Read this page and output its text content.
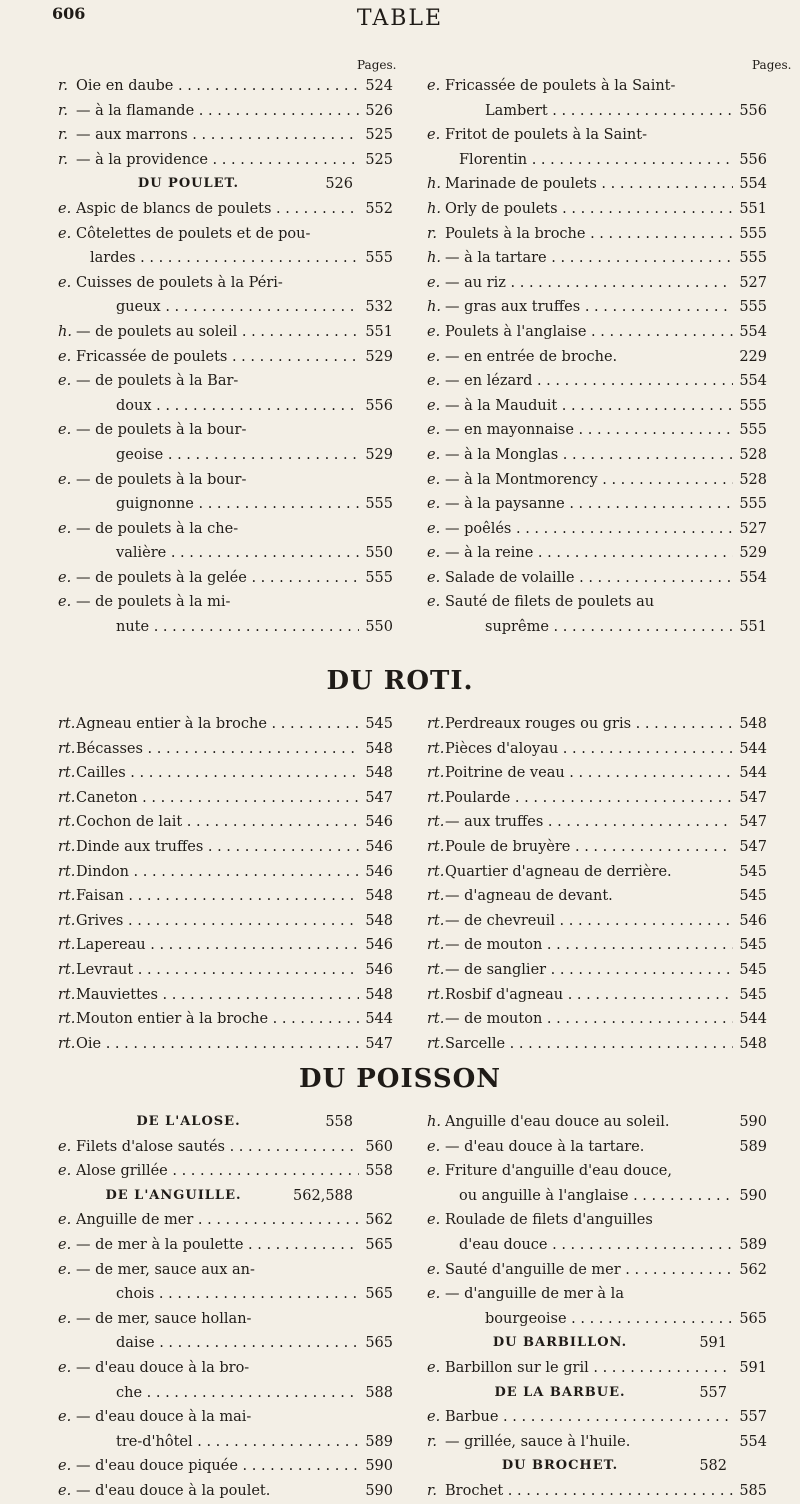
606	TABLE
Pages.	Pages.
r. Oie en daube . . .	524
r. — à la flamande . . .	526
r. — aux marrons . . .	525
r. — à la providence . . .	525
DU POULET.	526
e. Aspic de blancs de poulets . . .	552
e. Côtelettes de poulets et de pou-
lardes . . .	555
e. Cuisses de poulets à la Péri-
gueux . . .	532
h. — de poulets au soleil . . .	551
e. Fricassée de poulets . . .	529
e. — de poulets à la Bar-
doux . . .	556
e. — de poulets à la bour-
geoise . . .	529
e. — de poulets à la bour-
guignonne . . .	555
e. — de poulets à la che-
valière . . .	550
e. — de poulets à la gelée . . .	555
e. — de poulets à la mi-
nute . . .	550
e. Fricassée de poulets à la Saint-
Lambert . . .	556
e. Fritot de poulets à la Saint-
Florentin . . .	556
h. Marinade de poulets . . .	554
h. Orly de poulets . . .	551
r. Poulets à la broche . . .	555
h. — à la tartare . . .	555
e. — au riz . . .	527
h. — gras aux truffes . . .	555
e. Poulets à l'anglaise . . .	554
e. — en entrée de broche.	229
e. — en lézard . . .	554
e. — à la Mauduit . . .	555
e. — en mayonnaise . . .	555
e. — à la Monglas . . .	528
e. — à la Montmorency . . .	528
e. — à la paysanne . . .	555
e. — poêlés . . .	527
e. — à la reine . . .	529
e. Salade de volaille . . .	554
e. Sauté de filets de poulets au
suprême . . .	551
DU ROTI.
rt. Agneau entier à la broche . . .	545
rt. Bécasses . . .	548
rt. Cailles . . .	548
rt. Caneton . . .	547
rt. Cochon de lait . . .	546
rt. Dinde aux truffes . . .	546
rt. Dindon . . .	546
rt. Faisan . . .	548
rt. Grives . . .	548
rt. Lapereau . . .	546
rt. Levraut . . .	546
rt. Mauviettes . . .	548
rt. Mouton entier à la broche . . .	544
rt. Oie . . .	547
rt. Perdreaux rouges ou gris . . .	548
rt. Pièces d'aloyau . . .	544
rt. Poitrine de veau . . .	544
rt. Poularde . . .	547
rt. — aux truffes . . .	547
rt. Poule de bruyère . . .	547
rt. Quartier d'agneau de derrière.	545
rt. — d'agneau de devant.	545
rt. — de chevreuil . . .	546
rt. — de mouton . . .	545
rt. — de sanglier . . .	545
rt. Rosbif d'agneau . . .	545
rt. — de mouton . . .	544
rt. Sarcelle . . .	548
DU POISSON
DE L'ALOSE.	558
e. Filets d'alose sautés . . .	560
e. Alose grillée . . .	558
DE L'ANGUILLE.	562,588
e. Anguille de mer . . .	562
e. — de mer à la poulette . . .	565
e. — de mer, sauce aux an-
chois . . .	565
e. — de mer, sauce hollan-
daise . . .	565
e. — d'eau douce à la bro-
che . . .	588
e. — d'eau douce à la mai-
tre-d'hôtel . . .	589
e. — d'eau douce piquée . . .	590
e. — d'eau douce à la poulet.	590
h. Anguille d'eau douce au soleil.	590
e. — d'eau douce à la tartare.	589
e. Friture d'anguille d'eau douce,
ou anguille à l'anglaise . . .	590
e. Roulade de filets d'anguilles
d'eau douce . . .	589
e. Sauté d'anguille de mer . . .	562
e. — d'anguille de mer à la
bourgeoise . . .	565
DU BARBILLON.	591
e. Barbillon sur le gril . . .	591
DE LA BARBUE.	557
e. Barbue . . .	557
r. — grillée, sauce à l'huile.	554
DU BROCHET.	582
r. Brochet . . .	585
